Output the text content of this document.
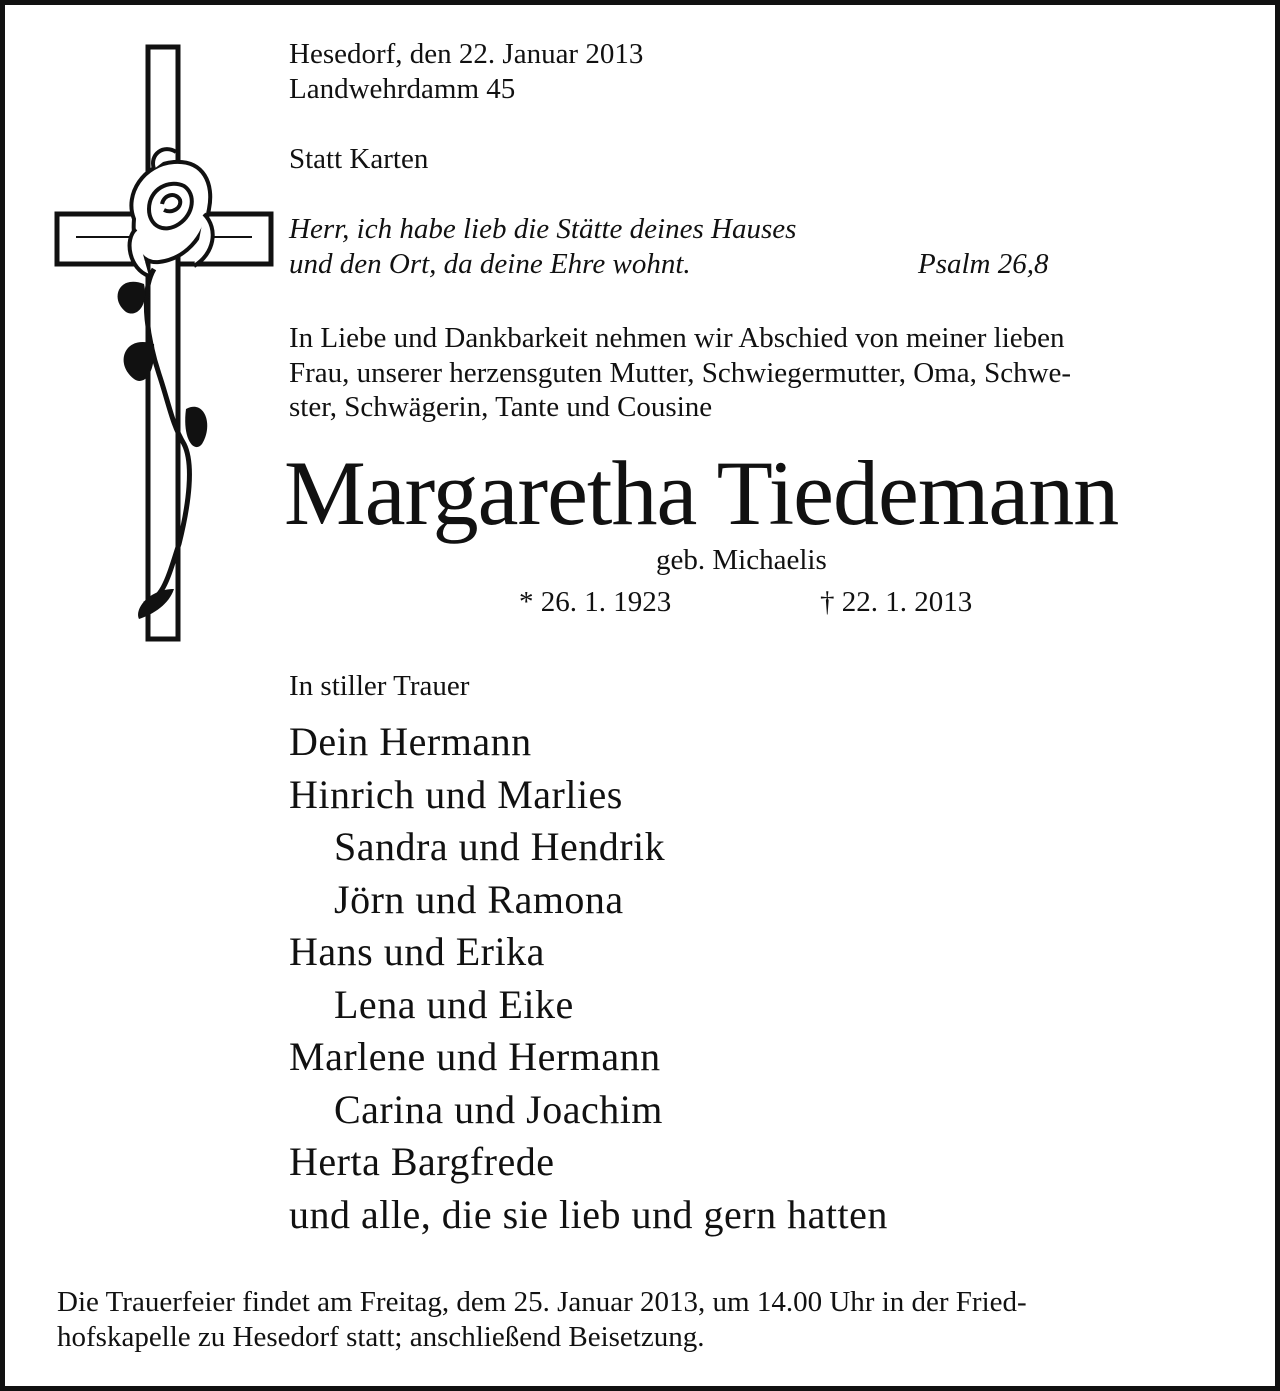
Hesedorf, den 22. Januar 2013
Landwehrdamm 45
Statt Karten
Herr, ich habe lieb die Stätte deines Hauses
und den Ort, da deine Ehre wohnt.	Psalm 26,8
In Liebe und Dankbarkeit nehmen wir Abschied von meiner lieben
Frau, unserer herzensguten Mutter, Schwiegermutter, Oma, Schwe-
ster, Schwägerin, Tante und Cousine
Margaretha Tiedemann
geb. Michaelis
* 26. 1. 1923	† 22. 1. 2013
In stiller Trauer
Dein Hermann
Hinrich und Marlies
Sandra und Hendrik
Jörn und Ramona
Hans und Erika
Lena und Eike
Marlene und Hermann
Carina und Joachim
Herta Bargfrede
und alle, die sie lieb und gern hatten
Die Trauerfeier findet am Freitag, dem 25. Januar 2013, um 14.00 Uhr in der Fried-
hofskapelle zu Hesedorf statt; anschließend Beisetzung.
